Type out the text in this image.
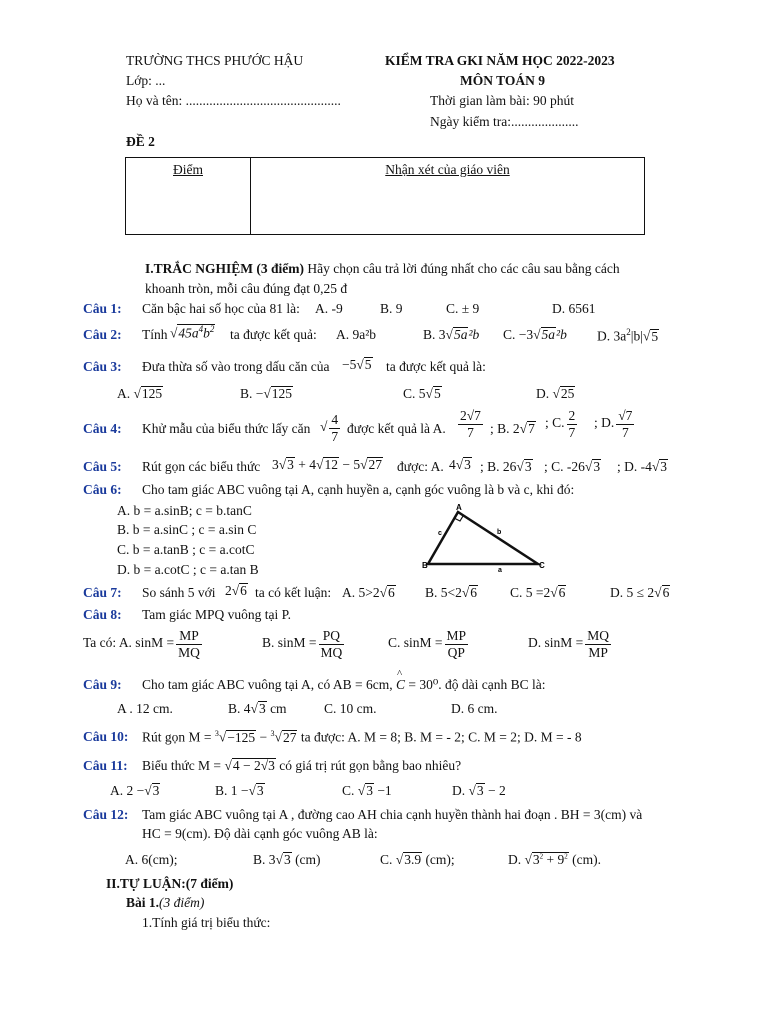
TRƯỜNG THCS PHƯỚC HẬU
Lớp: ...
Họ và tên: ..............................................
KIỂM TRA GKI NĂM HỌC 2022-2023
MÔN TOÁN 9
Thời gian làm bài: 90 phút
Ngày kiểm tra:....................
ĐỀ 2
Điểm	Nhận xét của giáo viên
I.TRẮC NGHIỆM (3 điểm) Hãy chọn câu trả lời đúng nhất cho các câu sau bằng cách
khoanh tròn, mỗi câu đúng đạt 0,25 đ
Câu 1: Căn bậc hai số học của 81 là: A. -9	B. 9	C. ± 9	D. 6561
Câu 2: Tính $√45a^4b^2$ ta được kết quả: A. 9a²b	B. 3√5a²b C. −3√5a²b D. $3a^2|b|√5$
Câu 3: Đưa thừa số vào trong dấu căn của −5√5 ta được kết quả là:
A. √125	B. −√125	C. 5√5	D. √25
Câu 4: Khử mẫu của biểu thức lấy căn √ $\frac{4}{7}$ được kết quả là A. $\frac{2√7}{7}$ ; B. 2√7 ; C. $\frac{2}{7}$ ; D. $\frac{√7}{7}$
Câu 5: Rút gọn các biểu thức 3√3 + 4√12 − 5√27 được: A. 4√3 ; B. 26√3 ; C. -26√3 ; D. -4√3
Câu 6: Cho tam giác ABC vuông tại A, cạnh huyền a, cạnh góc vuông là b và c, khi đó:
A. b = a.sinB; c = b.tanC
B. b = a.sinC ; c = a.sin C
C. b = a.tanB ; c = a.cotC
D. b = a.cotC ; c = a.tan B
A
B	C
a
b
c
Câu 7: So sánh 5 với 2√6 ta có kết luận: A. 5>2√6 B. 5<2√6 C. 5 =2√6	D. 5 ≤ 2√6
Câu 8: Tam giác MPQ vuông tại P.
Ta có: A. $\sin M = \frac{MP}{MQ}$	B. $\sin M = \frac{PQ}{MQ}$	C. $\sin M = \frac{MP}{QP}$	D. $\sin M = \frac{MQ}{MP}$
Câu 9: Cho tam giác ABC vuông tại A, có AB = 6cm, C
^
= 30⁰. độ dài cạnh BC là:
A . 12 cm.	B. 4√3 cm	C. 10 cm.	D. 6 cm.
Câu 10: Rút gọn M = $^3$√−125 − $^3$√27 ta được: A. M = 8; B. M = - 2; C. M = 2; D. M = - 8
Câu 11: Biểu thức M = √4 − 2√3 có giá trị rút gọn bằng bao nhiêu?
A. 2 −√3	B. 1 −√3	C. √3 −1	D. √3 − 2
Câu 12: Tam giác ABC vuông tại A , đường cao AH chia cạnh huyền thành hai đoạn . BH = 3(cm) và
HC = 9(cm). Độ dài cạnh góc vuông AB là:
A. 6(cm);	B. 3√3 (cm)	C. √3.9 (cm);	D. $√3^2 + 9^2$ (cm).
II.TỰ LUẬN:(7 điểm)
Bài 1.(3 điểm)
1.Tính giá trị biểu thức:
